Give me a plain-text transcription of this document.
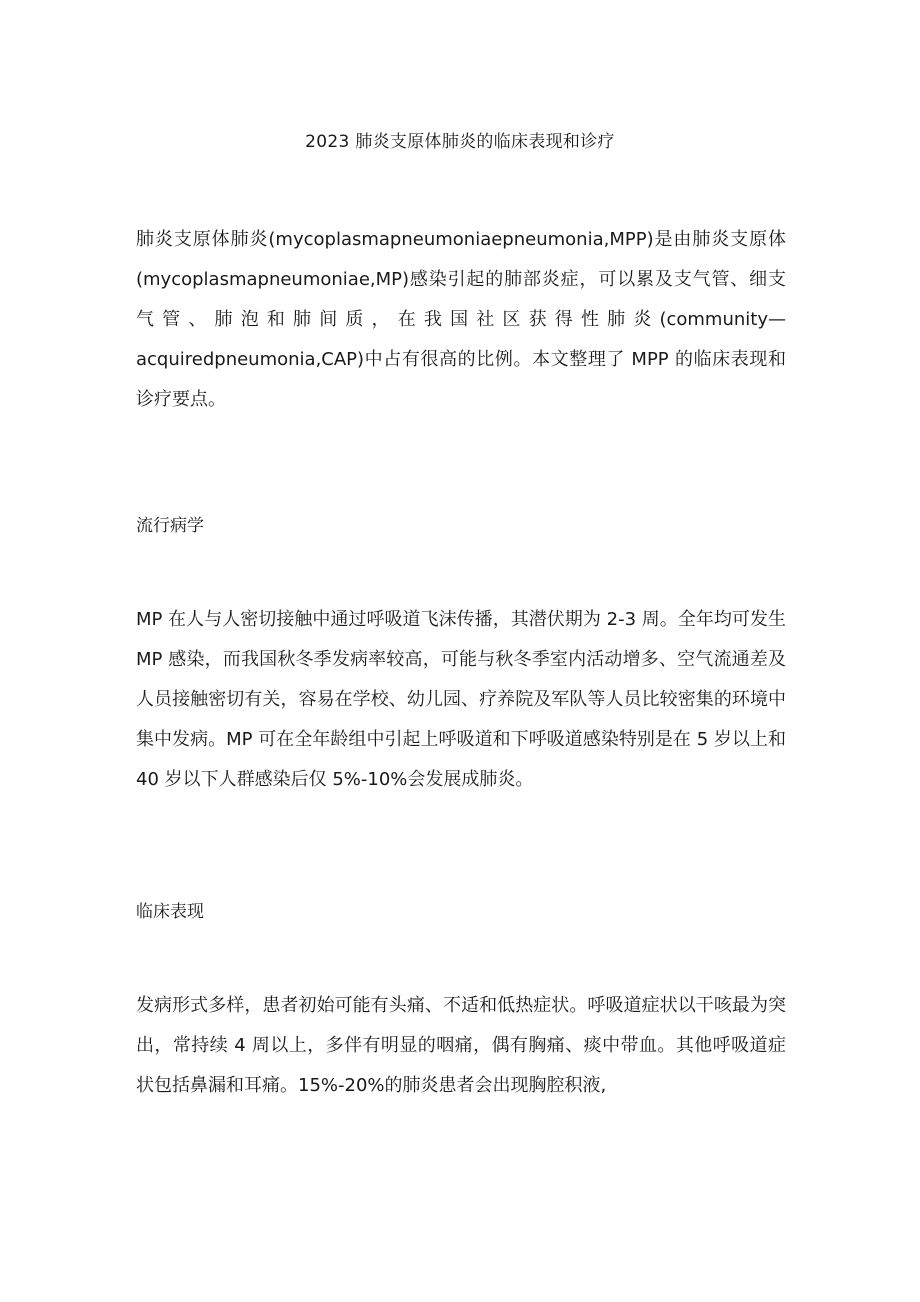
2023 肺炎支原体肺炎的临床表现和诊疗

肺炎支原体肺炎(mycoplasmapneumoniaepneumonia,MPP)是由肺炎支原体(mycoplasmapneumoniae,MP)感染引起的肺部炎症，可以累及支气管、细支气管、肺泡和肺间质，在我国社区获得性肺炎(community—acquiredpneumonia,CAP)中占有很高的比例。本文整理了 MPP 的临床表现和诊疗要点。

流行病学

MP 在人与人密切接触中通过呼吸道飞沫传播，其潜伏期为 2-3 周。全年均可发生 MP 感染，而我国秋冬季发病率较高，可能与秋冬季室内活动增多、空气流通差及人员接触密切有关，容易在学校、幼儿园、疗养院及军队等人员比较密集的环境中集中发病。MP 可在全年龄组中引起上呼吸道和下呼吸道感染特别是在 5 岁以上和 40 岁以下人群感染后仅 5%-10%会发展成肺炎。

临床表现

发病形式多样，患者初始可能有头痛、不适和低热症状。呼吸道症状以干咳最为突出，常持续 4 周以上，多伴有明显的咽痛，偶有胸痛、痰中带血。其他呼吸道症状包括鼻漏和耳痛。15%-20%的肺炎患者会出现胸腔积液,
